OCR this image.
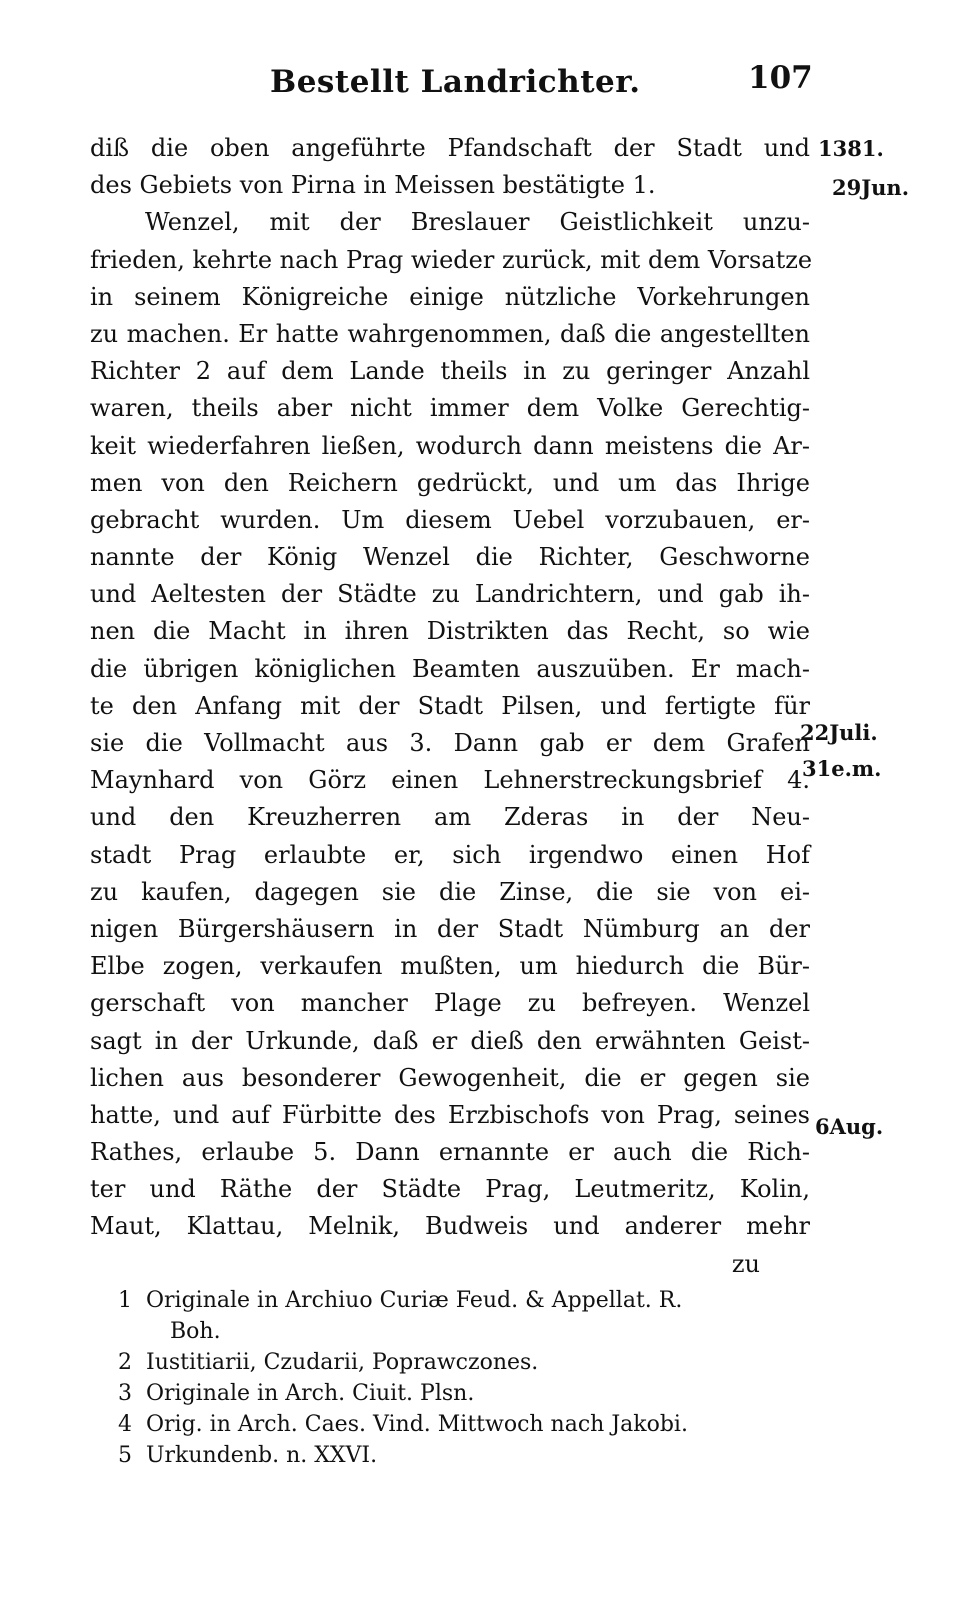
Bestellt Landrichter.	107
diß die oben angeführte Pfandschaft der Stadt und
des Gebiets von Pirna in Meissen bestätigte 1.
Wenzel, mit der Breslauer Geistlichkeit unzu-
frieden, kehrte nach Prag wieder zurück, mit dem Vorsatze
in seinem Königreiche einige nützliche Vorkehrungen
zu machen. Er hatte wahrgenommen, daß die angestellten
Richter 2 auf dem Lande theils in zu geringer Anzahl
waren, theils aber nicht immer dem Volke Gerechtig-
keit wiederfahren ließen, wodurch dann meistens die Ar-
men von den Reichern gedrückt, und um das Ihrige
gebracht wurden. Um diesem Uebel vorzubauen, er-
nannte der König Wenzel die Richter, Geschworne
und Aeltesten der Städte zu Landrichtern, und gab ih-
nen die Macht in ihren Distrikten das Recht, so wie
die übrigen königlichen Beamten auszuüben. Er mach-
te den Anfang mit der Stadt Pilsen, und fertigte für
sie die Vollmacht aus 3. Dann gab er dem Grafen
Maynhard von Görz einen Lehnerstreckungsbrief 4.
und den Kreuzherren am Zderas in der Neu-
stadt Prag erlaubte er, sich irgendwo einen Hof
zu kaufen, dagegen sie die Zinse, die sie von ei-
nigen Bürgershäusern in der Stadt Nümburg an der
Elbe zogen, verkaufen mußten, um hiedurch die Bür-
gerschaft von mancher Plage zu befreyen. Wenzel
sagt in der Urkunde, daß er dieß den erwähnten Geist-
lichen aus besonderer Gewogenheit, die er gegen sie
hatte, und auf Fürbitte des Erzbischofs von Prag, seines
Rathes, erlaube 5. Dann ernannte er auch die Rich-
ter und Räthe der Städte Prag, Leutmeritz, Kolin,
Maut, Klattau, Melnik, Budweis und anderer mehr
zu
1381.
29Jun.
22Juli.
31e.m.
6Aug.
1 Originale in Archiuo Curiæ Feud. & Appellat. R.
Boh.
2 Iustitiarii, Czudarii, Poprawczones.
3 Originale in Arch. Ciuit. Plsn.
4 Orig. in Arch. Caes. Vind. Mittwoch nach Jakobi.
5 Urkundenb. n. XXVI.
